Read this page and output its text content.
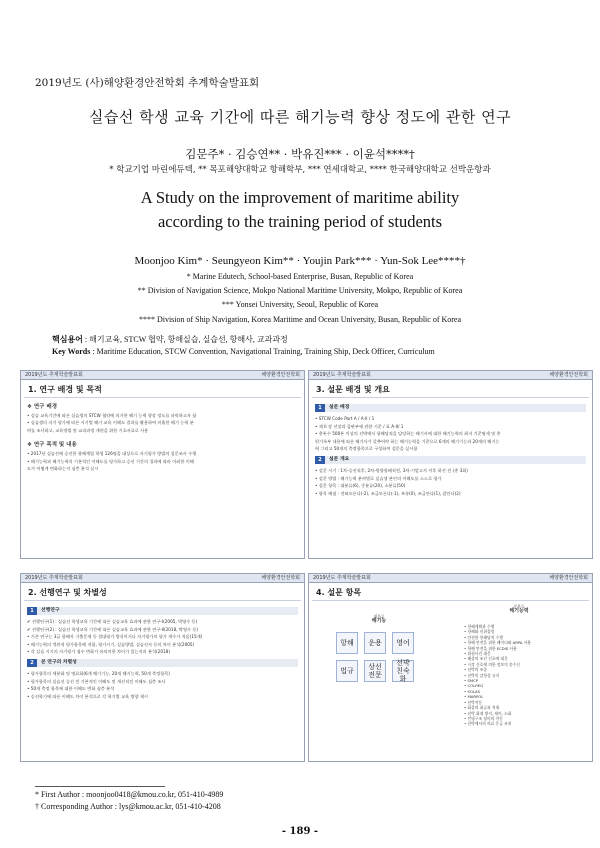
2019년도 (사)해양환경안전학회 추계학술발표회
실습선 학생 교육 기간에 따른 해기능력 향상 정도에 관한 연구
김문주* · 김승연** · 박유진*** · 이윤석****†
* 학교기업 마린에듀텍, ** 목포해양대학교 항해학부, *** 연세대학교, **** 한국해양대학교 선박운항과
A Study on the improvement of maritime ability
according to the training period of students
Moonjoo Kim* · Seungyeon Kim** · Youjin Park*** · Yun-Sok Lee****†
* Marine Edutech, School-based Enterprise, Busan, Republic of Korea
** Division of Navigation Science, Mokpo National Maritime University, Mokpo, Republic of Korea
*** Yonsei University, Seoul, Republic of Korea
**** Division of Ship Navigation, Korea Maritime and Ocean University, Busan, Republic of Korea
핵심용어 : 해기교육, STCW 협약, 항해실습, 실습선, 항해사, 교과과정
Key Words : Maritime Education, STCW Convention, Navigational Training, Training Ship, Deck Officer, Curriculum
2019년도 추계학술발표회	해양환경안전학회
1. 연구 배경 및 목적
❖ 연구 배경
• 실습 교육기간에 따른 실습생의 STCW 협약에 의거한 해기 능력 향상 정도를 파악하고자 함
• 실습생의 자기 평가에 따른 시기별 해기 교육 이해도 결과를 활용하여 미흡한 해기 능력 분
야를 조사하고, 교육방법 및 교과과정 개편을 위한 기초자료로 사용
❖ 연구 목적 및 내용
• 2017년 실습선에 승선한 항해계열 학생 126명을 대상으로 자기평가 방법의 설문조사 수행
• 해기능력과 해기능력의 기본적인 이해도를 평가하고 승선 기간의 경과에 따라 이러한 이해
도가 어떻게 변화하는지 심층 분석 실시
2019년도 추계학술발표회	해양환경안전학회
3. 설문 배경 및 개요
1	설문 배경
• STCW Code Part A / A-II / 1
• 제 II 장 선장과 갑판부에 관한 기준 / 표 A-II/ 1
• 총톤수 500톤 이상의 선박에서 항해당직을 담당하는 해기사에 대한 해기능력의 최저 기준명세 및 총
편기록부 내용에 따른 해기사가 갖추어야 하는 해기능력을 기준으로 6개의 해기기능과 20개의 해기능
력 그리고 50개의 측정항목으로 구성하여 설문을 실시함
2	설문 개요
• 설문 시기 : 1차-승선직후, 2차-원양항해직전, 3차-기말고사 이후 하선 전 (총 3회)
• 설문 방법 : 해기능력 분야별로 실습생 본인의 이해도를 스스로 평가
• 설문 항목 : 대분류(6), 중분류(20), 소분류(50)
• 항목 배점 : 전혀모른다(-2), 조금모른다(-1), 보통(0), 조금안다(1), 잘안다(2)
2019년도 추계학술발표회	해양환경안전학회
2. 선행연구 및 차별성
1	선행연구
✔ 선행연구(1) : 실습선 학생교육 기간에 따른 실습교육 효과에 관한 연구-Ⅰ(2005, 박영수 등)
✔ 선행연구(2) : 실습선 학생교육 기간에 따른 실습교육 효과에 관한 연구-Ⅱ(2018, 박영수 등)
• 기존 연구는 3급 항해사 기출문제 등 절대평가 방식이거나 자기평가의 평가 개수가 적음(15개)
• 해기능력의 객관적 평가항목에 적합, 평가시기, 실습방법, 실습선사 등의 차이 분석(2005)
• 각 실습 시기의 자기평가 점수 변화가 유의미한 차이가 있는지의 분석(2018)
2	본 연구의 차별성
• 평가항목의 세분화 및 명료화(6개 해기기능, 20개 해기능력, 50개 측정항목)
• 평가항목의 실습선 승선 전 기본적인 이해도 및 개선직전 이해도 심층 조사
• 50개 측정 항목에 대한 이해도 변화 심층 분석
• 승선학기에 따른 이해도 차이 분석으로 각 학기별 교육 방향 제시
2019년도 추계학술발표회	해양환경안전학회
4. 설문 항목
대분류
해기능
항해	운용	영어
법규	상선 전문
선박 친숙화
중분류
해기능력
• 항해계획과 수행
• 항해와 선위결정
• 안전한 항해당직 수행
• 항해 안전을 위한 레이더와 ARPA 사용
• 항해 안전을 위한 ECDIS 사용
• 위험사건 대응
• 해상의 조난 신호에 대응
• 시각 신호에 의한 정보의 송수신
• 선박의 조종
• 선박의 감항성 유지
• SMCP
• COLREG
• SOLAS
• MARPOL
• 선박작동
• 화물의 취급과 적재
• 선박 화재 방지, 제어, 소화
• 인명구조 장비의 작동
• 선박에서의 의료 응급 조치
* First Author : moonjoo0418@kmou.co.kr, 051-410-4989
† Corresponding Author : lys@kmou.ac.kr, 051-410-4208
- 189 -
